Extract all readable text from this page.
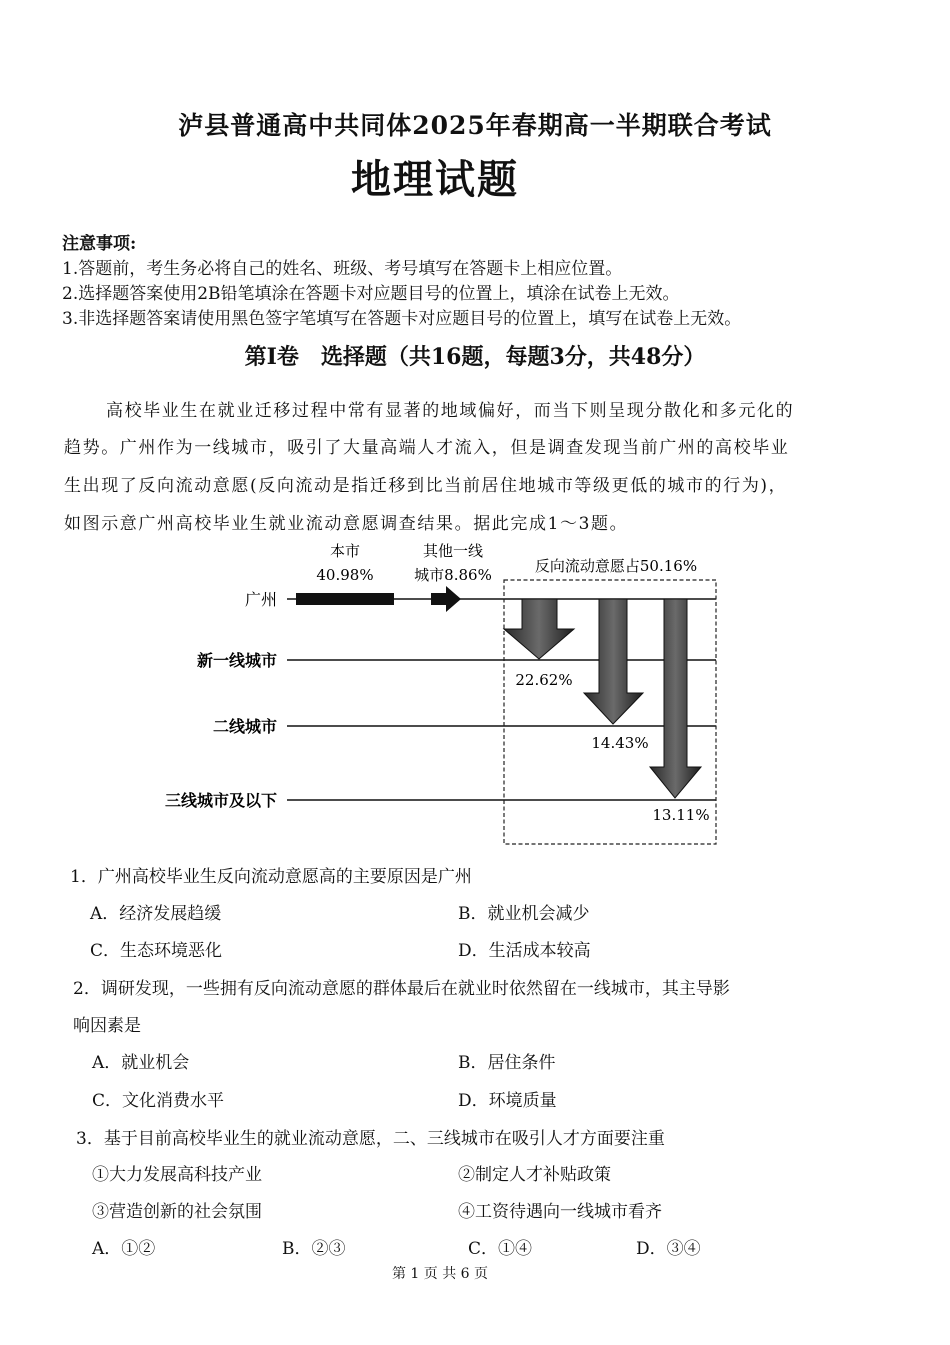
泸县普通高中共同体2025年春期高一半期联合考试
地理试题
注意事项:
1.答题前，考生务必将自己的姓名、班级、考号填写在答题卡上相应位置。
2.选择题答案使用2B铅笔填涂在答题卡对应题目号的位置上，填涂在试卷上无效。
3.非选择题答案请使用黑色签字笔填写在答题卡对应题目号的位置上，填写在试卷上无效。
第Ⅰ卷　选择题（共16题，每题3分，共48分）
高校毕业生在就业迁移过程中常有显著的地域偏好，而当下则呈现分散化和多元化的
趋势。广州作为一线城市，吸引了大量高端人才流入，但是调查发现当前广州的高校毕业
生出现了反向流动意愿(反向流动是指迁移到比当前居住地城市等级更低的城市的行为)，
如图示意广州高校毕业生就业流动意愿调查结果。据此完成1～3题。
广州
新一线城市
二线城市
三线城市及以下
本市
40.98%
其他一线
城市8.86%	反向流动意愿占50.16%
22.62%
14.43%
13.11%
1．广州高校毕业生反向流动意愿高的主要原因是广州
A．经济发展趋缓	B．就业机会减少
C．生态环境恶化	D．生活成本较高
2．调研发现，一些拥有反向流动意愿的群体最后在就业时依然留在一线城市，其主导影
响因素是
A．就业机会	B．居住条件
C．文化消费水平	D．环境质量
3．基于目前高校毕业生的就业流动意愿，二、三线城市在吸引人才方面要注重
①大力发展高科技产业	②制定人才补贴政策
③营造创新的社会氛围	④工资待遇向一线城市看齐
A．①②	B．②③	C．①④	D．③④
第 1 页 共 6 页
